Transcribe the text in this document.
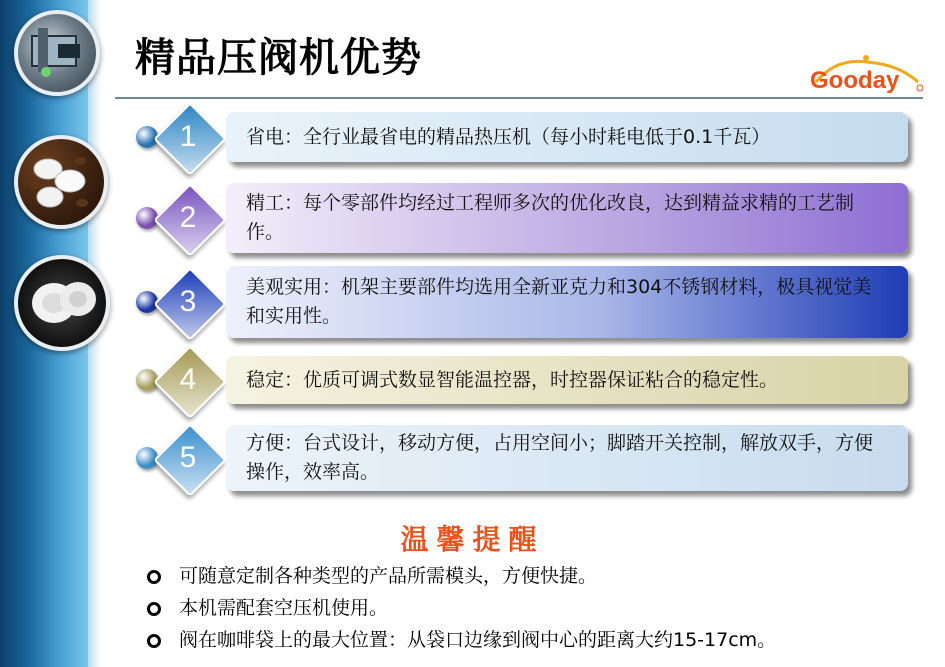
精品压阀机优势	Gooday
1	省电：全行业最省电的精品热压机（每小时耗电低于0.1千瓦）
2	精工：每个零部件均经过工程师多次的优化改良，达到精益求精的工艺制作。
3	美观实用：机架主要部件均选用全新亚克力和304不锈钢材料，极具视觉美和实用性。
4	稳定：优质可调式数显智能温控器，时控器保证粘合的稳定性。
5	方便：台式设计，移动方便，占用空间小；脚踏开关控制，解放双手，方便操作，效率高。
温馨提醒
可随意定制各种类型的产品所需模头，方便快捷。
本机需配套空压机使用。
阀在咖啡袋上的最大位置：从袋口边缘到阀中心的距离大约15-17cm。
